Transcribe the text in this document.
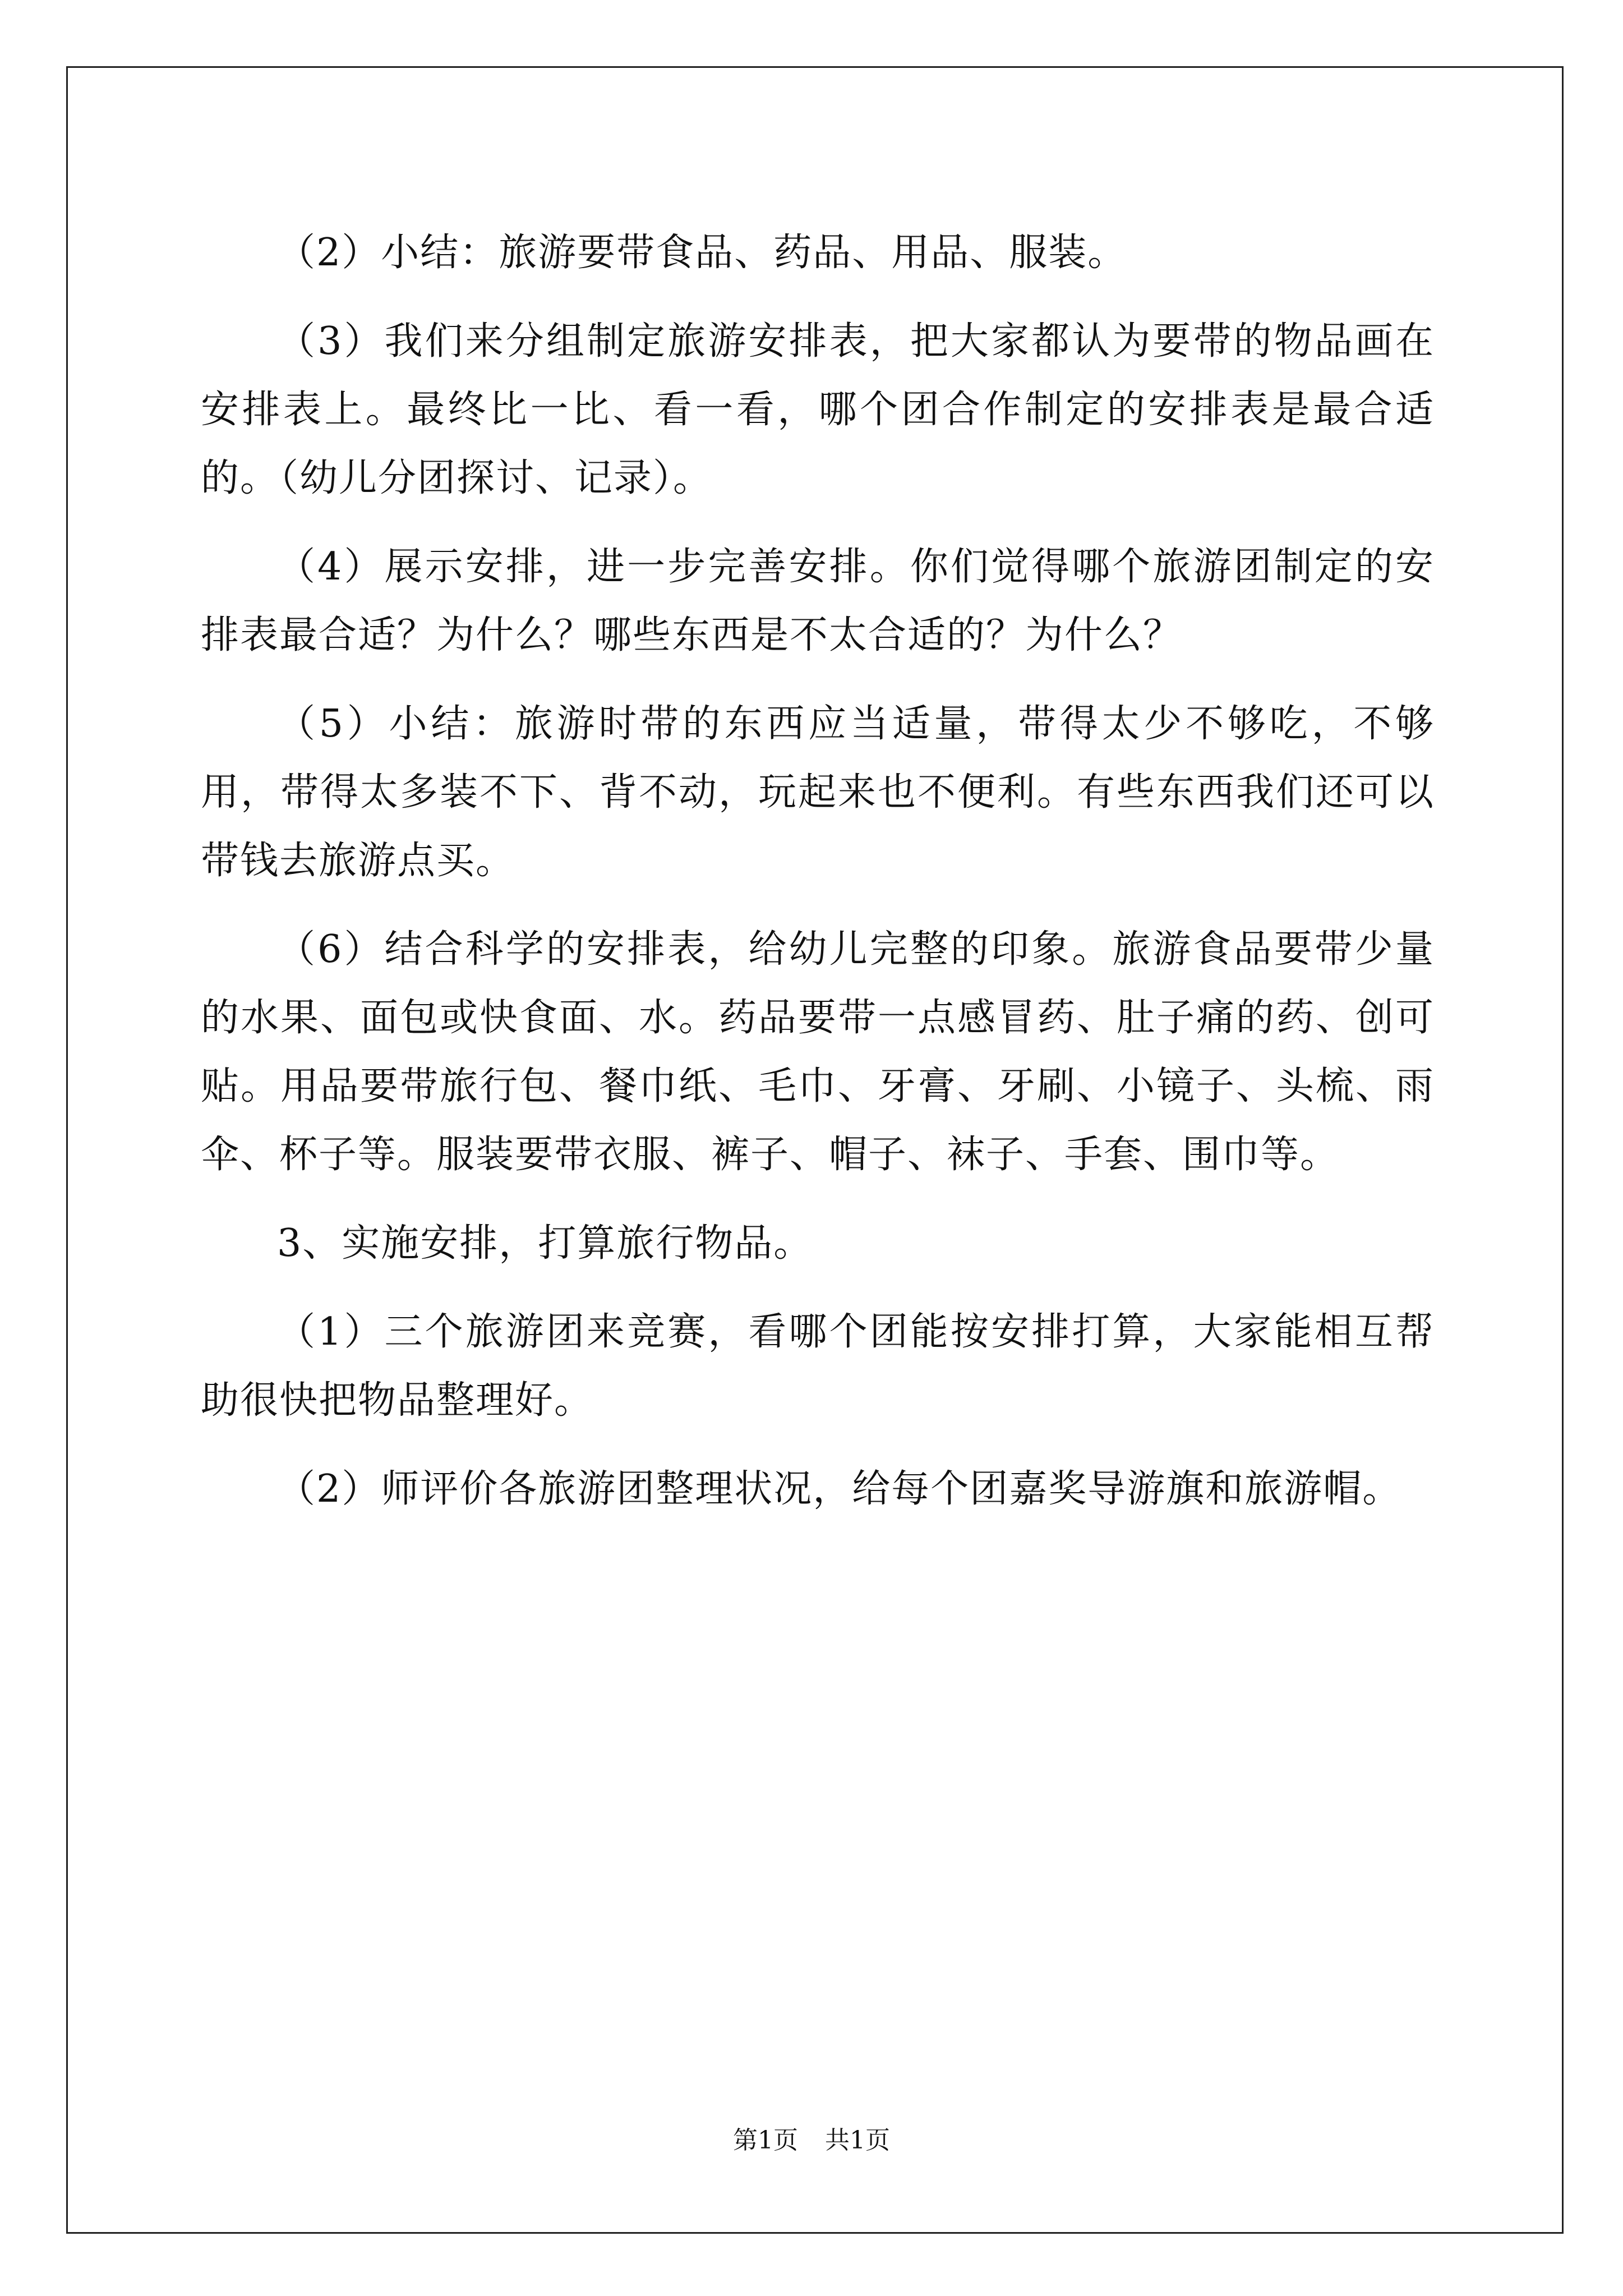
（2）小结：旅游要带食品、药品、用品、服装。

（3）我们来分组制定旅游安排表，把大家都认为要带的物品画在安排表上。最终比一比、看一看，哪个团合作制定的安排表是最合适的。（幼儿分团探讨、记录）。

（4）展示安排，进一步完善安排。你们觉得哪个旅游团制定的安排表最合适？为什么？哪些东西是不太合适的？为什么？

（5）小结：旅游时带的东西应当适量，带得太少不够吃，不够用，带得太多装不下、背不动，玩起来也不便利。有些东西我们还可以带钱去旅游点买。

（6）结合科学的安排表，给幼儿完整的印象。旅游食品要带少量的水果、面包或快食面、水。药品要带一点感冒药、肚子痛的药、创可贴。用品要带旅行包、餐巾纸、毛巾、牙膏、牙刷、小镜子、头梳、雨伞、杯子等。服装要带衣服、裤子、帽子、袜子、手套、围巾等。

3、实施安排，打算旅行物品。

（1）三个旅游团来竞赛，看哪个团能按安排打算，大家能相互帮助很快把物品整理好。

（2）师评价各旅游团整理状况，给每个团嘉奖导游旗和旅游帽。

第1页 共1页
